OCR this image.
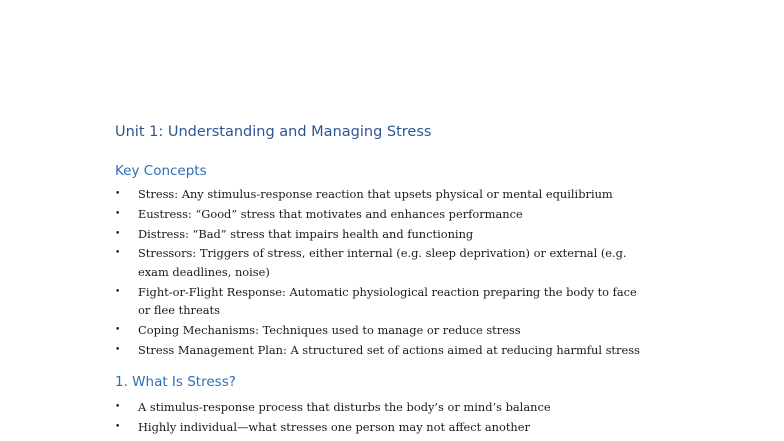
Unit 1: Understanding and Managing Stress
Key Concepts
• Stress: Any stimulus-response reaction that upsets physical or mental equilibrium
• Eustress: “Good” stress that motivates and enhances performance
• Distress: “Bad” stress that impairs health and functioning
• Stressors: Triggers of stress, either internal (e.g. sleep deprivation) or external (e.g.
exam deadlines, noise)
• Fight-or-Flight Response: Automatic physiological reaction preparing the body to face
or flee threats
• Coping Mechanisms: Techniques used to manage or reduce stress
• Stress Management Plan: A structured set of actions aimed at reducing harmful stress
1. What Is Stress?
• A stimulus-response process that disturbs the body’s or mind’s balance
• Highly individual—what stresses one person may not affect another
